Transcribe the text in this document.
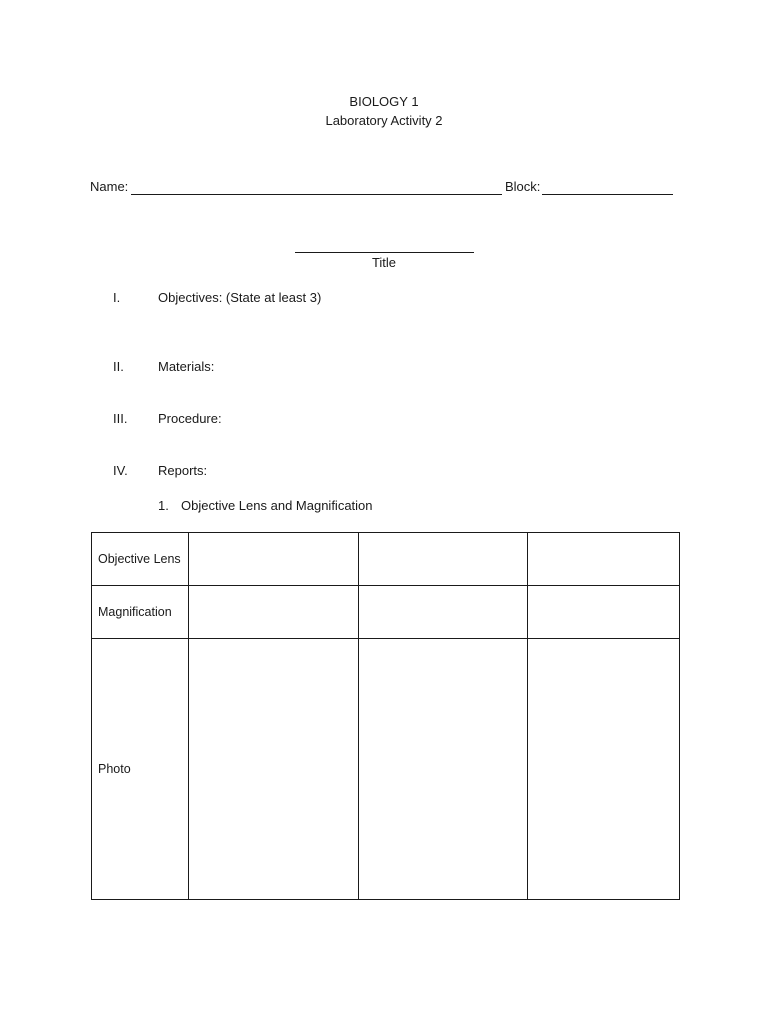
BIOLOGY 1
Laboratory Activity 2
Name:	Block:
Title
I.	Objectives: (State at least 3)
II.	Materials:
III. Procedure:
IV. Reports:
1. Objective Lens and Magnification
Objective Lens			
Magnification			
Photo			
